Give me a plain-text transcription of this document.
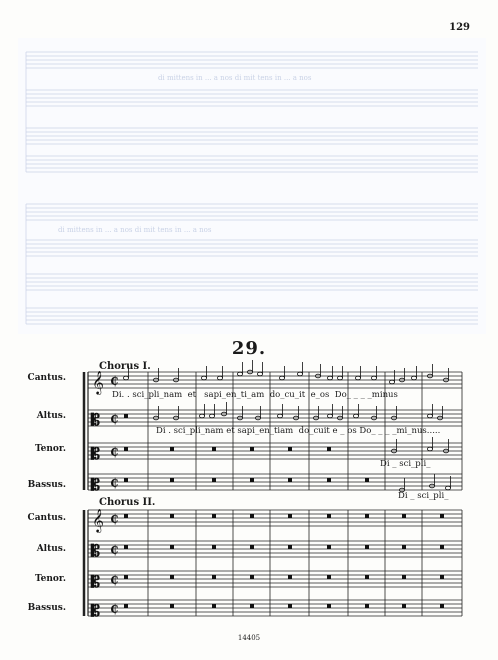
129
di mittens in ... a nos di mit tens in ... a nos
di mittens in ... a nos di mit tens in ... a nos
29.
Chorus I.
Chorus II.
Cantus.
Altus.
Tenor.
Bassus.
Cantus.
Altus.
Tenor.
Bassus.
𝄞
𝄞
𝄡
𝄡
𝄡
𝄡
𝄡
𝄡
₵
₵
₵
₵
₵
₵
₵
₵
Di. . sci_pli_nam et sapi_en_ti_am do_cu_it e_os Do_ _ _ _minus
Di . sci_pli_nam et sapi_en_tiam do_cuit e _ os Do_ _ _ _mi_nus.....
Di _ sci_pli_
Di _ sci_pli_
14405
